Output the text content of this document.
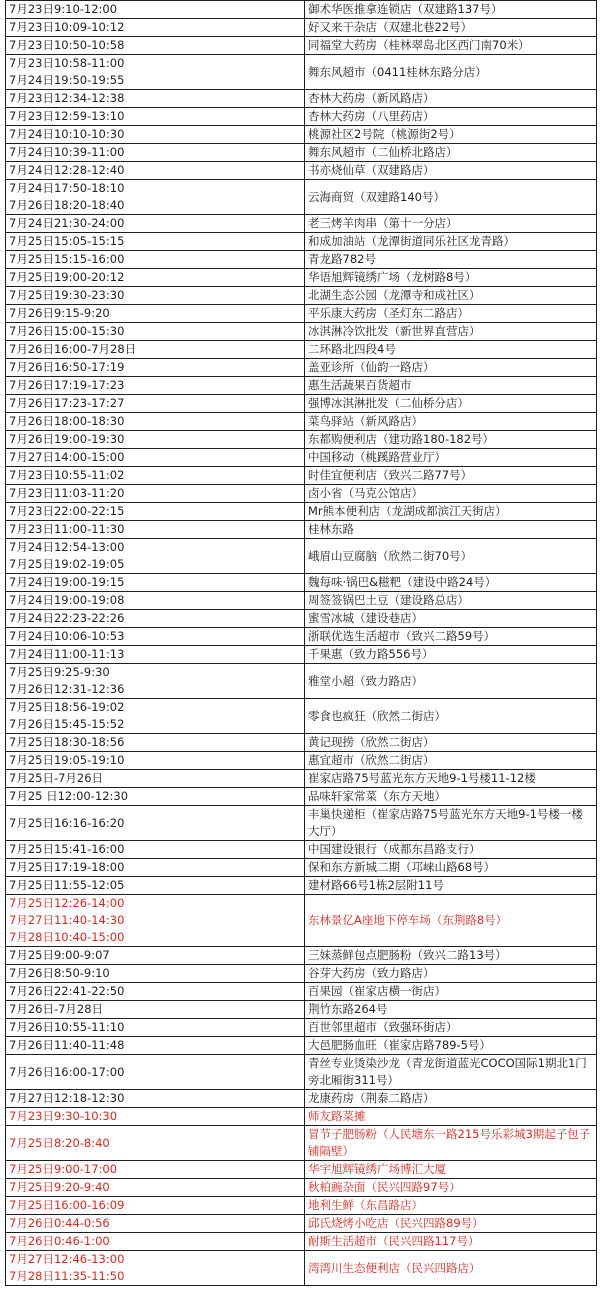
7月23日9:10-12:00	御术华医推拿连锁店（双建路137号）

7月23日10:09-10:12	好又来干杂店（双建北巷22号）

7月23日10:50-10:58	同福堂大药房（桂林翠岛北区西门南70米）

7月23日10:58-11:00
7月24日19:50-19:55	舞东风超市（0411桂林东路分店）

7月23日12:34-12:38	杏林大药房（新风路店）

7月23日12:59-13:10	杏林大药房（八里药店）

7月24日10:10-10:30	桃源社区2号院（桃源街2号）

7月24日10:39-11:00	舞东风超市（二仙桥北路店）

7月24日12:28-12:40	书亦烧仙草（双建路店）

7月24日17:50-18:10
7月26日18:20-18:40	云海商贸（双建路140号）

7月24日21:30-24:00	老三烤羊肉串（第十一分店）

7月25日15:05-15:15	和成加油站（龙潭街道同乐社区龙青路）

7月25日15:15-16:00	青龙路782号

7月25日19:00-20:12	华语旭辉镜绣广场（龙树路8号）

7月25日19:30-23:30	北湖生态公园（龙潭寺和成社区）

7月26日9:15-9:20	平乐康大药房（圣灯东二路店）

7月26日15:00-15:30	冰淇淋冷饮批发（新世界直营店）

7月26日16:00-7月28日	二环路北四段4号

7月26日16:50-17:19	盖亚诊所（仙韵一路店）

7月26日17:19-17:23	惠生活蔬果百货超市

7月26日17:23-17:27	强博冰淇淋批发（二仙桥分店）

7月26日18:00-18:30	菜鸟驿站（新风路店）

7月26日19:00-19:30	东都购便利店（建功路180-182号）

7月27日14:00-15:00	中国移动（桃蹊路营业厅）

7月23日10:55-11:02	时佳宜便利店（致兴二路77号）

7月23日11:03-11:20	卤小省（马克公馆店）

7月23日22:00-22:15	Mr熊本便利店（龙湖成都滨江天街店）

7月23日11:00-11:30	桂林东路

7月24日12:54-13:00
7月25日19:02-19:05	峨眉山豆腐脑（欣然二街70号）

7月24日19:00-19:15	魏每味·锅巴&糍粑（建设中路24号）

7月24日19:00-19:08	周签签锅巴土豆（建设路总店）

7月24日22:23-22:26	蜜雪冰城（建设巷店）

7月24日10:06-10:53	浙联优选生活超市（致兴二路59号）

7月24日11:00-11:13	千果惠（致力路556号）

7月25日9:25-9:30
7月26日12:31-12:36	雅堂小超（致力路店）

7月25日18:56-19:02
7月26日15:45-15:52	零食也疯狂（欣然二街店）

7月25日18:30-18:56	黄记现捞（欣然二街店）

7月25日19:05-19:10	惠宜超市（欣然二街店）

7月25日-7月26日	崔家店路75号蓝光东方天地9-1号楼11-12楼

7月25 日12:00-12:30	品味轩家常菜（东方天地）

7月25日16:16-16:20	丰巢快递柜（崔家店路75号蓝光东方天地9-1号楼一楼大厅）

7月25日15:41-16:00	中国建设银行（成都东昌路支行）

7月25日17:19-18:00	保和东方新城二期（邛崃山路68号）

7月25日11:55-12:05	建材路66号1栋2层附11号

7月25日12:26-14:00
7月27日11:40-14:30
7月28日10:40-15:00	东林景亿A座地下停车场（东荆路8号）

7月25日9:00-9:07	三妹蒸鲜包点肥肠粉（致兴二路13号）

7月26日8:50-9:10	谷芽大药房（致力路店）

7月26日22:41-22:50	百果园（崔家店横一街店）

7月26日-7月28日	荆竹东路264号

7月26日10:55-11:10	百世邻里超市（致强环街店）

7月26日11:40-11:48	大邑肥肠血旺（崔家店路789-5号）

7月26日16:00-17:00	青丝专业烫染沙龙（青龙街道蓝光COCO国际1期北1门旁北厢街311号）

7月27日12:18-12:30	龙康药房（荆泰二路店）

7月23日9:30-10:30	师友路菜摊

7月25日8:20-8:40	冒节子肥肠粉（人民塘东一路215号乐彩城3期起子包子铺隔壁）

7月25日9:00-17:00	华宇旭辉镜绣广场博汇大厦

7月25日9:20-9:40	秋柏豌杂面（民兴四路97号）

7月25日16:00-16:09	地利生鲜（东昌路店）

7月26日0:44-0:56	邱氏烧烤小吃店（民兴四路89号）

7月26日0:46-1:00	耐斯生活超市（民兴四路117号）

7月27日12:46-13:00
7月28日11:35-11:50	湾湾川生态便利店（民兴四路店）
